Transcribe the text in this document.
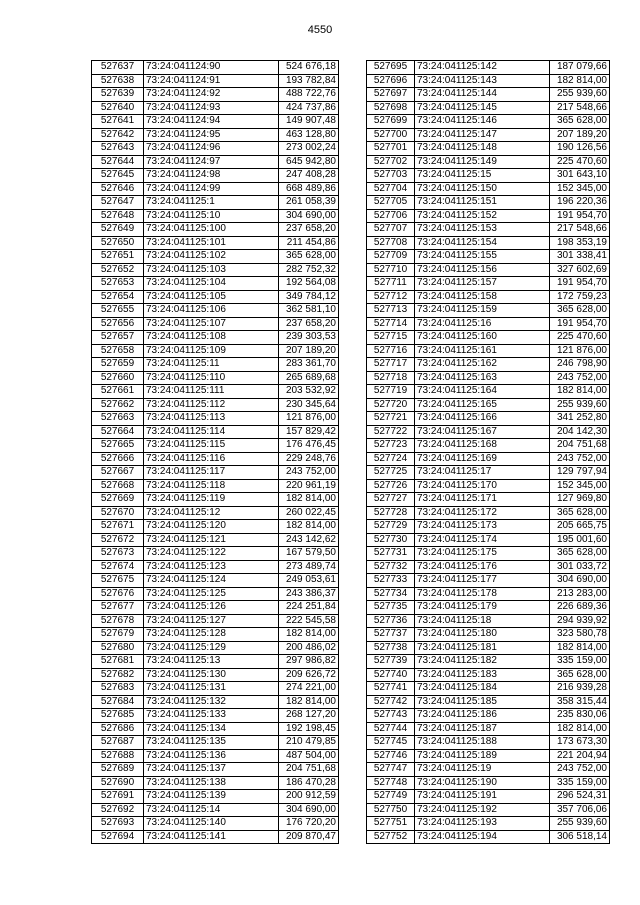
4550
527637	73:24:041124:90	524 676,18
527638	73:24:041124:91	193 782,84
527639	73:24:041124:92	488 722,76
527640	73:24:041124:93	424 737,86
527641	73:24:041124:94	149 907,48
527642	73:24:041124:95	463 128,80
527643	73:24:041124:96	273 002,24
527644	73:24:041124:97	645 942,80
527645	73:24:041124:98	247 408,28
527646	73:24:041124:99	668 489,86
527647	73:24:041125:1	261 058,39
527648	73:24:041125:10	304 690,00
527649	73:24:041125:100	237 658,20
527650	73:24:041125:101	211 454,86
527651	73:24:041125:102	365 628,00
527652	73:24:041125:103	282 752,32
527653	73:24:041125:104	192 564,08
527654	73:24:041125:105	349 784,12
527655	73:24:041125:106	362 581,10
527656	73:24:041125:107	237 658,20
527657	73:24:041125:108	239 303,53
527658	73:24:041125:109	207 189,20
527659	73:24:041125:11	283 361,70
527660	73:24:041125:110	265 689,68
527661	73:24:041125:111	203 532,92
527662	73:24:041125:112	230 345,64
527663	73:24:041125:113	121 876,00
527664	73:24:041125:114	157 829,42
527665	73:24:041125:115	176 476,45
527666	73:24:041125:116	229 248,76
527667	73:24:041125:117	243 752,00
527668	73:24:041125:118	220 961,19
527669	73:24:041125:119	182 814,00
527670	73:24:041125:12	260 022,45
527671	73:24:041125:120	182 814,00
527672	73:24:041125:121	243 142,62
527673	73:24:041125:122	167 579,50
527674	73:24:041125:123	273 489,74
527675	73:24:041125:124	249 053,61
527676	73:24:041125:125	243 386,37
527677	73:24:041125:126	224 251,84
527678	73:24:041125:127	222 545,58
527679	73:24:041125:128	182 814,00
527680	73:24:041125:129	200 486,02
527681	73:24:041125:13	297 986,82
527682	73:24:041125:130	209 626,72
527683	73:24:041125:131	274 221,00
527684	73:24:041125:132	182 814,00
527685	73:24:041125:133	268 127,20
527686	73:24:041125:134	192 198,45
527687	73:24:041125:135	210 479,85
527688	73:24:041125:136	487 504,00
527689	73:24:041125:137	204 751,68
527690	73:24:041125:138	186 470,28
527691	73:24:041125:139	200 912,59
527692	73:24:041125:14	304 690,00
527693	73:24:041125:140	176 720,20
527694	73:24:041125:141	209 870,47
527695	73:24:041125:142	187 079,66
527696	73:24:041125:143	182 814,00
527697	73:24:041125:144	255 939,60
527698	73:24:041125:145	217 548,66
527699	73:24:041125:146	365 628,00
527700	73:24:041125:147	207 189,20
527701	73:24:041125:148	190 126,56
527702	73:24:041125:149	225 470,60
527703	73:24:041125:15	301 643,10
527704	73:24:041125:150	152 345,00
527705	73:24:041125:151	196 220,36
527706	73:24:041125:152	191 954,70
527707	73:24:041125:153	217 548,66
527708	73:24:041125:154	198 353,19
527709	73:24:041125:155	301 338,41
527710	73:24:041125:156	327 602,69
527711	73:24:041125:157	191 954,70
527712	73:24:041125:158	172 759,23
527713	73:24:041125:159	365 628,00
527714	73:24:041125:16	191 954,70
527715	73:24:041125:160	225 470,60
527716	73:24:041125:161	121 876,00
527717	73:24:041125:162	246 798,90
527718	73:24:041125:163	243 752,00
527719	73:24:041125:164	182 814,00
527720	73:24:041125:165	255 939,60
527721	73:24:041125:166	341 252,80
527722	73:24:041125:167	204 142,30
527723	73:24:041125:168	204 751,68
527724	73:24:041125:169	243 752,00
527725	73:24:041125:17	129 797,94
527726	73:24:041125:170	152 345,00
527727	73:24:041125:171	127 969,80
527728	73:24:041125:172	365 628,00
527729	73:24:041125:173	205 665,75
527730	73:24:041125:174	195 001,60
527731	73:24:041125:175	365 628,00
527732	73:24:041125:176	301 033,72
527733	73:24:041125:177	304 690,00
527734	73:24:041125:178	213 283,00
527735	73:24:041125:179	226 689,36
527736	73:24:041125:18	294 939,92
527737	73:24:041125:180	323 580,78
527738	73:24:041125:181	182 814,00
527739	73:24:041125:182	335 159,00
527740	73:24:041125:183	365 628,00
527741	73:24:041125:184	216 939,28
527742	73:24:041125:185	358 315,44
527743	73:24:041125:186	235 830,06
527744	73:24:041125:187	182 814,00
527745	73:24:041125:188	173 673,30
527746	73:24:041125:189	221 204,94
527747	73:24:041125:19	243 752,00
527748	73:24:041125:190	335 159,00
527749	73:24:041125:191	296 524,31
527750	73:24:041125:192	357 706,06
527751	73:24:041125:193	255 939,60
527752	73:24:041125:194	306 518,14
